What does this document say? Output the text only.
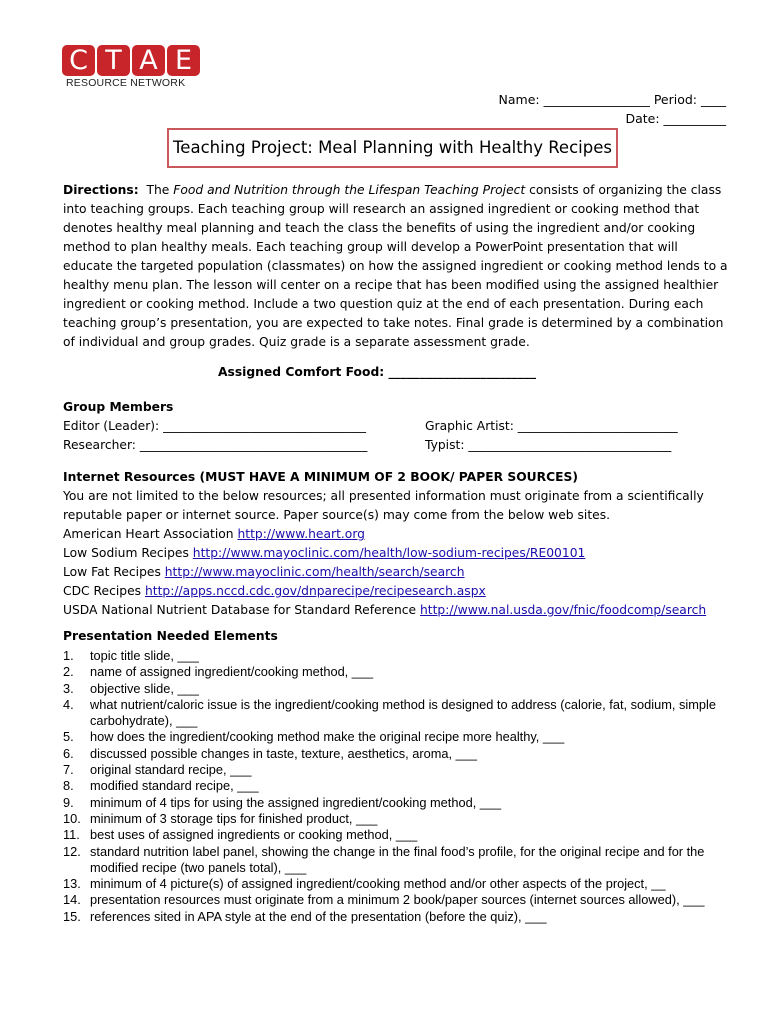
C T A E
RESOURCE NETWORK
Name: _________________ Period: ____
Date: __________
Teaching Project: Meal Planning with Healthy Recipes

Directions: The Food and Nutrition through the Lifespan Teaching Project consists of organizing the class into teaching groups. Each teaching group will research an assigned ingredient or cooking method that denotes healthy meal planning and teach the class the benefits of using the ingredient and/or cooking method to plan healthy meals. Each teaching group will develop a PowerPoint presentation that will educate the targeted population (classmates) on how the assigned ingredient or cooking method lends to a healthy menu plan. The lesson will center on a recipe that has been modified using the assigned healthier ingredient or cooking method. Include a two question quiz at the end of each presentation. During each teaching group’s presentation, you are expected to take notes. Final grade is determined by a combination of individual and group grades. Quiz grade is a separate assessment grade.

Assigned Comfort Food: ________________________
Group Members
Editor (Leader): _________________________________	Graphic Artist: __________________________
Researcher: _____________________________________	Typist: _________________________________
Internet Resources (MUST HAVE A MINIMUM OF 2 BOOK/ PAPER SOURCES)
You are not limited to the below resources; all presented information must originate from a scientifically reputable paper or internet source. Paper source(s) may come from the below web sites.
American Heart Association http://www.heart.org
Low Sodium Recipes http://www.mayoclinic.com/health/low-sodium-recipes/RE00101
Low Fat Recipes http://www.mayoclinic.com/health/search/search
CDC Recipes http://apps.nccd.cdc.gov/dnparecipe/recipesearch.aspx
USDA National Nutrient Database for Standard Reference http://www.nal.usda.gov/fnic/foodcomp/search
Presentation Needed Elements
1.	topic title slide, ___
2.	name of assigned ingredient/cooking method, ___
3.	objective slide, ___
4.	what nutrient/caloric issue is the ingredient/cooking method is designed to address (calorie, fat, sodium, simple carbohydrate), ___
5.	how does the ingredient/cooking method make the original recipe more healthy, ___
6.	discussed possible changes in taste, texture, aesthetics, aroma, ___
7.	original standard recipe, ___
8.	modified standard recipe, ___
9.	minimum of 4 tips for using the assigned ingredient/cooking method, ___
10. minimum of 3 storage tips for finished product, ___
11. best uses of assigned ingredients or cooking method, ___
12. standard nutrition label panel, showing the change in the final food’s profile, for the original recipe and for the modified recipe (two panels total), ___
13. minimum of 4 picture(s) of assigned ingredient/cooking method and/or other aspects of the project, __
14. presentation resources must originate from a minimum 2 book/paper sources (internet sources allowed), ___
15. references sited in APA style at the end of the presentation (before the quiz), ___
